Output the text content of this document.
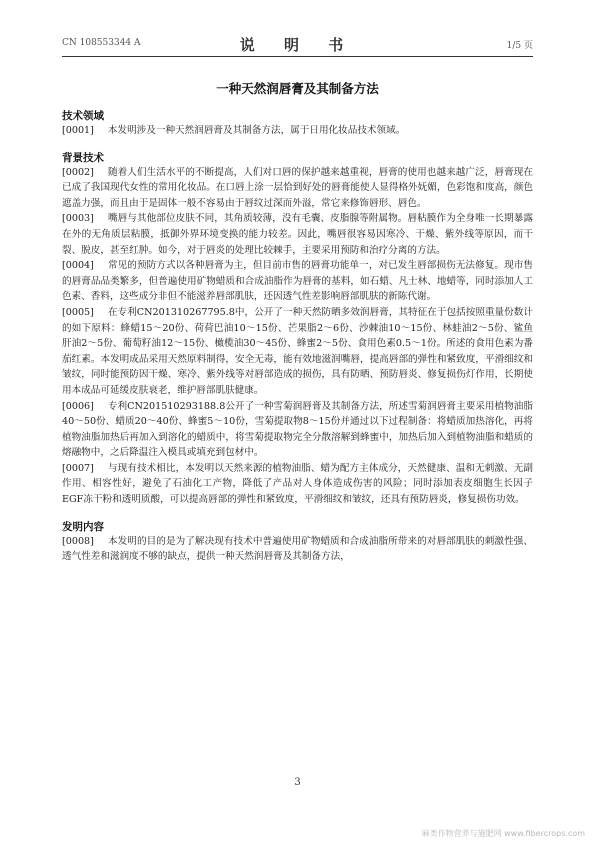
CN 108553344 A	说 明 书	1/5 页
一种天然润唇膏及其制备方法

技术领域

[0001] 本发明涉及一种天然润唇膏及其制备方法，属于日用化妆品技术领域。

背景技术

[0002] 随着人们生活水平的不断提高，人们对口唇的保护越来越重视，唇膏的使用也越来越广泛，唇膏现在已成了我国现代女性的常用化妆品。在口唇上涂一层恰到好处的唇膏能使人显得格外妩媚，色彩饱和度高，颜色遮盖力强，而且由于是固体一般不容易由于唇纹过深而外溢，常它来修饰唇形、唇色。

[0003] 嘴唇与其他部位皮肤不同，其角质较薄，没有毛囊、皮脂腺等附属物。唇粘膜作为全身唯一长期暴露在外的无角质层粘膜，抵御外界环境变换的能力较差。因此，嘴唇很容易因寒冷、干燥、紫外线等原因，而干裂、脱皮，甚至红肿。如今，对于唇炎的处理比较棘手，主要采用预防和治疗分离的方法。

[0004] 常见的预防方式以各种唇膏为主，但目前市售的唇膏功能单一，对已发生唇部损伤无法修复。现市售的唇膏品品类繁多，但普遍使用矿物蜡质和合成油脂作为唇膏的基料，如石蜡、凡士林、地蜡等，同时添加人工色素、香料，这些成分非但不能滋养唇部肌肤，还因透气性差影响唇部肌肤的新陈代谢。

[0005] 在专利CN201310267795.8中，公开了一种天然防晒多效润唇膏，其特征在于包括按照重量份数计的如下原料：蜂蜡15～20份、荷荷巴油10～15份、芒果脂2～6份、沙棘油10～15份、林蛙油2～5份、鲨鱼肝油2～5份、葡萄籽油12～15份、橄榄油30～45份、蜂蜜2～5份、食用色素0.5～1份。所述的食用色素为番茄红素。本发明成品采用天然原料制得，安全无毒，能有效地滋润嘴唇，提高唇部的弹性和紧致度，平滑细纹和皱纹，同时能预防因干燥、寒冷、紫外线等对唇部造成的损伤，具有防晒、预防唇炎、修复损伤灯作用，长期使用本成品可延缓皮肤衰老，维护唇部肌肤健康。

[0006] 专利CN201510293188.8公开了一种雪菊润唇膏及其制备方法，所述雪菊润唇膏主要采用植物油脂40～50份、蜡质20～40份、蜂蜜5～10份，雪菊提取物8～15份并通过以下过程制备：将蜡质加热溶化，再将植物油脂加热后再加入到溶化的蜡质中，将雪菊提取物完全分散溶解到蜂蜜中，加热后加入到植物油脂和蜡质的熔融物中，之后降温注入模具或填充到包材中。

[0007] 与现有技术相比，本发明以天然来源的植物油脂、蜡为配方主体成分，天然健康、温和无刺激、无副作用、相容性好，避免了石油化工产物，降低了产品对人身体造成伤害的风险；同时添加表皮细胞生长因子EGF冻干粉和透明质酸，可以提高唇部的弹性和紧致度，平滑细纹和皱纹，还具有预防唇炎，修复损伤功效。

发明内容

[0008] 本发明的目的是为了解决现有技术中普遍使用矿物蜡质和合成油脂所带来的对唇部肌肤的刺激性强、透气性差和滋润度不够的缺点，提供一种天然润唇膏及其制备方法，

3
麻类作物营养与施肥网 www.fibercrops.com
